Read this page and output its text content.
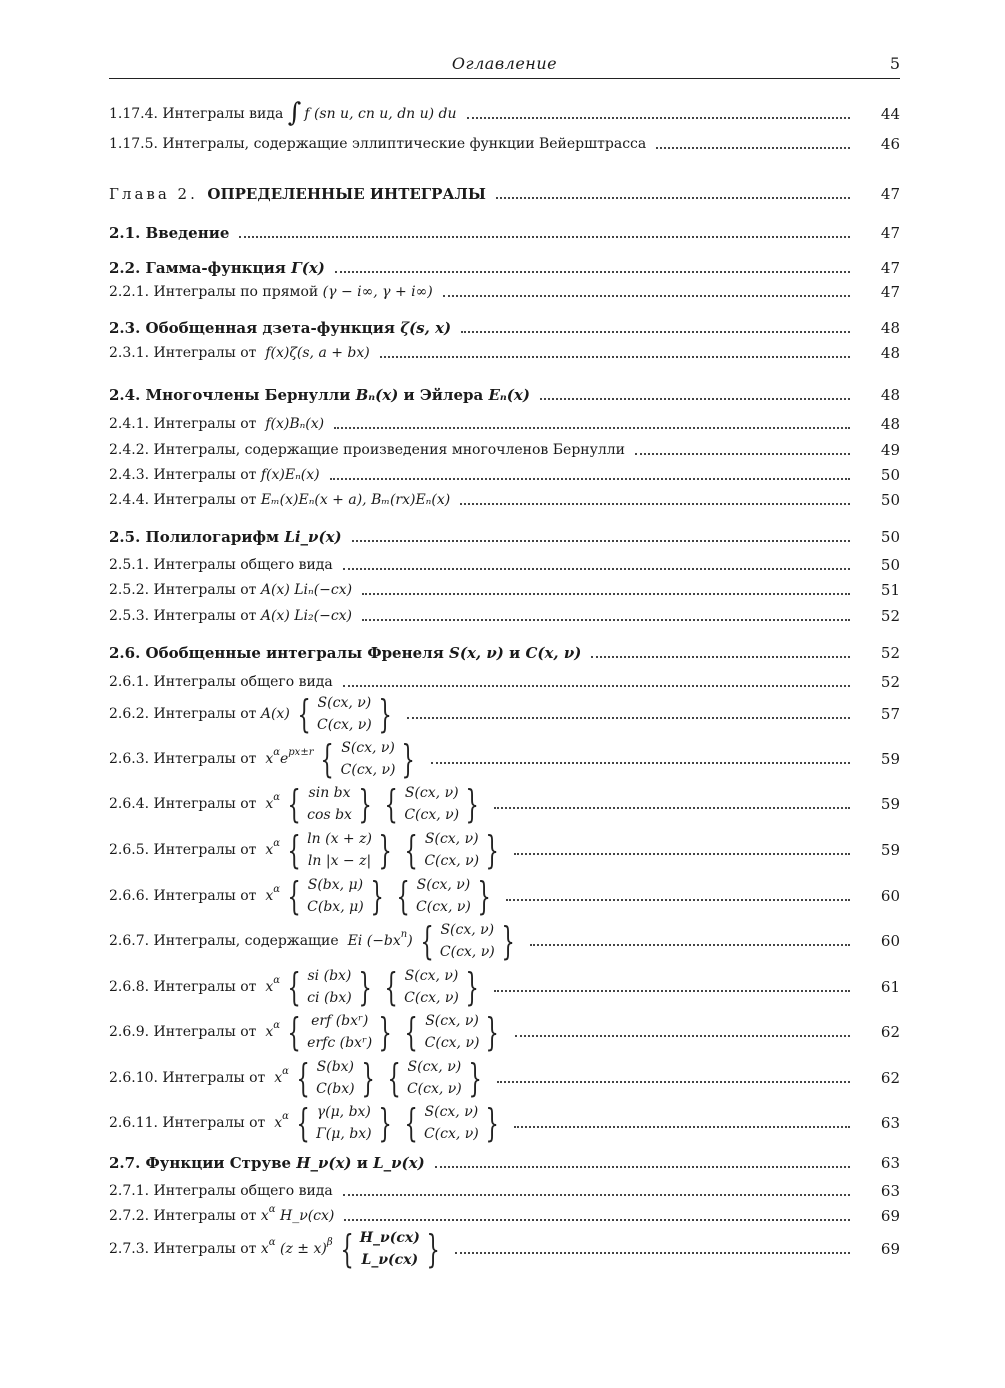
Оглавление	5
1.17.4. Интегралы вида
∫ f (sn u, cn u, dn u) du	44
1.17.5. Интегралы, содержащие эллиптические функции Вейерштрасса	46
Глава 2.
ОПРЕДЕЛЕННЫЕ ИНТЕГРАЛЫ	47
2.1. Введение	47
2.2. Гамма-функция
Γ(x)	47
2.2.1. Интегралы по прямой
(γ − i∞, γ + i∞)	47
2.3. Обобщенная дзета-функция
ζ(s, x)	48
2.3.1. Интегралы от
f(x)ζ(s, a + bx)	48
2.4. Многочлены Бернулли
Bₙ(x)
и Эйлера
Eₙ(x)	48
2.4.1. Интегралы от
f(x)Bₙ(x)	48
2.4.2. Интегралы, содержащие произведения многочленов Бернулли	49
2.4.3. Интегралы от
f(x)Eₙ(x)	50
2.4.4. Интегралы от
Eₘ(x)Eₙ(x + a), Bₘ(rx)Eₙ(x)	50
2.5. Полилогарифм
Li_ν(x)	50
2.5.1. Интегралы общего вида	50
2.5.2. Интегралы от
A(x) Liₙ(−cx)	51
2.5.3. Интегралы от
A(x) Li₂(−cx)	52
2.6. Обобщенные интегралы Френеля
S(x, ν)
и
C(x, ν)	52
2.6.1. Интегралы общего вида	52
2.6.2. Интегралы от
A(x) { S(cx, ν)
C(cx, ν) }	57
2.6.3. Интегралы от
x α e px±r { S(cx, ν)
C(cx, ν) }	59
2.6.4. Интегралы от
x α { sin bx
cos bx } { S(cx, ν)
C(cx, ν) }	59
2.6.5. Интегралы от
x α { ln (x + z)
ln |x − z| } { S(cx, ν)
C(cx, ν) }	59
2.6.6. Интегралы от
x α { S(bx, μ)
C(bx, μ) } { S(cx, ν)
C(cx, ν) }	60
2.6.7. Интегралы, содержащие
Ei (−bx n ) { S(cx, ν)
C(cx, ν) }	60
2.6.8. Интегралы от
x α { si (bx)
ci (bx) } { S(cx, ν)
C(cx, ν) }	61
2.6.9. Интегралы от
x α { erf (bxʳ)
erfc (bxʳ) } { S(cx, ν)
C(cx, ν) }	62
2.6.10. Интегралы от
x α { S(bx)
C(bx) } { S(cx, ν)
C(cx, ν) }	62
2.6.11. Интегралы от
x α { γ(μ, bx)
Γ(μ, bx) } { S(cx, ν)
C(cx, ν) }	63
2.7. Функции Струве
H_ν(x)
и
L_ν(x)	63
2.7.1. Интегралы общего вида	63
2.7.2. Интегралы от
x α
H_ν(cx)	69
2.7.3. Интегралы от
x α
(z ± x) β { H_ν(cx)
L_ν(cx) }	69
